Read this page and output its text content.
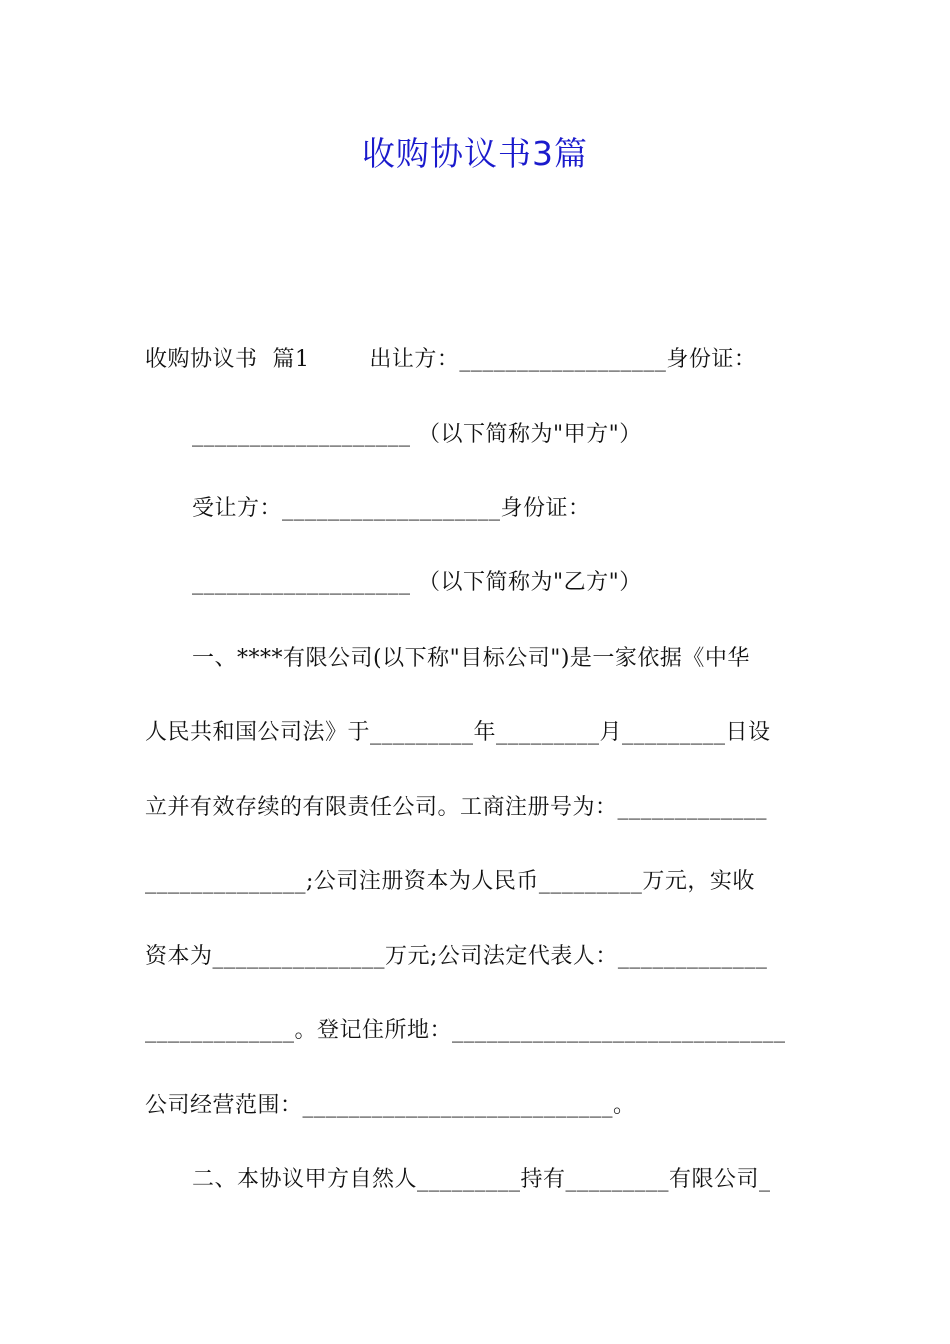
收购协议书3篇
收购协议书  篇1        出让方：__________________身份证：
___________________ （以下简称为"甲方"）
受让方：___________________身份证：
___________________ （以下简称为"乙方"）
一、****有限公司(以下称"目标公司")是一家依据《中华
人民共和国公司法》于_________年_________月_________日设
立并有效存续的有限责任公司。工商注册号为：_____________
______________;公司注册资本为人民币_________万元，实收
资本为_______________万元;公司法定代表人：_____________
_____________。登记住所地：_____________________________
公司经营范围：___________________________。
二、本协议甲方自然人_________持有_________有限公司_
